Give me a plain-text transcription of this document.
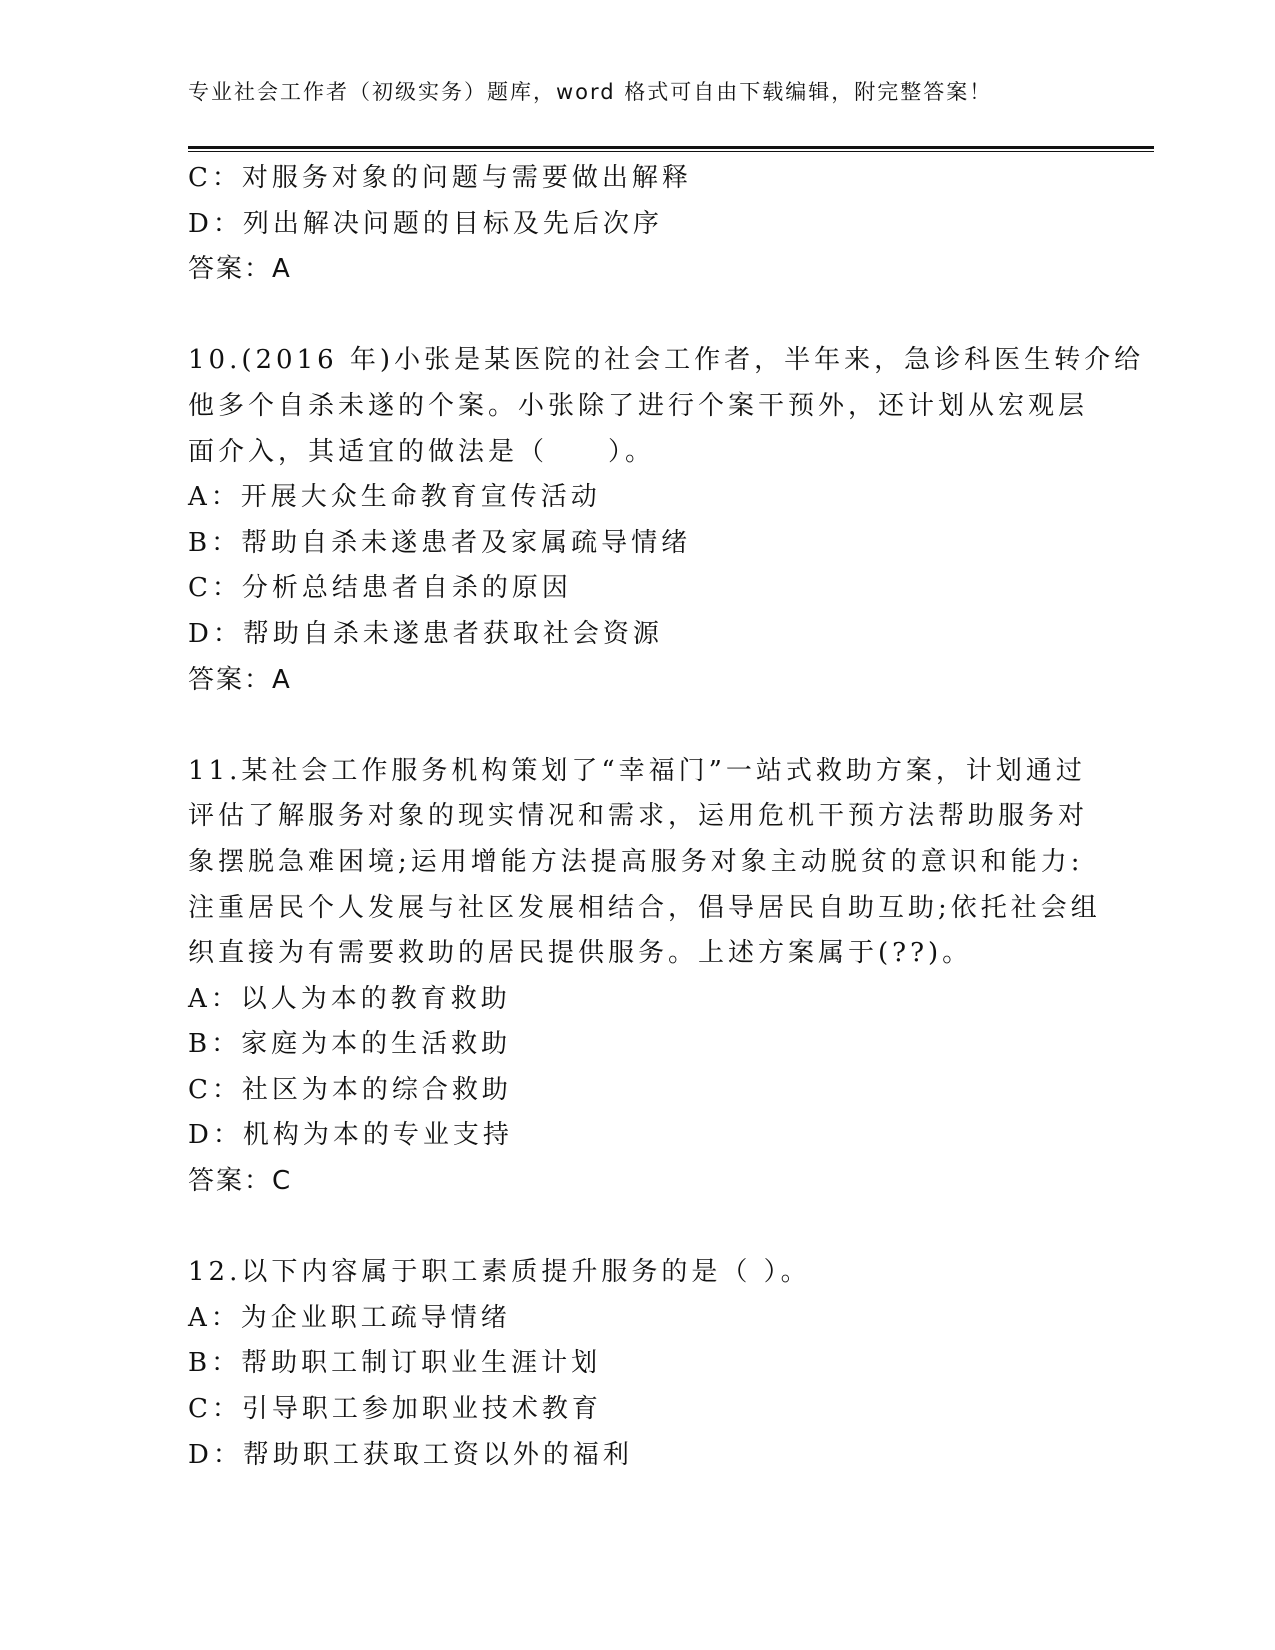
专业社会工作者（初级实务）题库，word 格式可自由下载编辑，附完整答案！
C：对服务对象的问题与需要做出解释
D：列出解决问题的目标及先后次序
答案：A
10.(2016 年)小张是某医院的社会工作者，半年来，急诊科医生转介给
他多个自杀未遂的个案。小张除了进行个案干预外，还计划从宏观层
面介入，其适宜的做法是（　　）。
A：开展大众生命教育宣传活动
B：帮助自杀未遂患者及家属疏导情绪
C：分析总结患者自杀的原因
D：帮助自杀未遂患者获取社会资源
答案：A
11.某社会工作服务机构策划了“幸福门”一站式救助方案，计划通过
评估了解服务对象的现实情况和需求，运用危机干预方法帮助服务对
象摆脱急难困境;运用增能方法提高服务对象主动脱贫的意识和能力:
注重居民个人发展与社区发展相结合，倡导居民自助互助;依托社会组
织直接为有需要救助的居民提供服务。上述方案属于(??)。
A：以人为本的教育救助
B：家庭为本的生活救助
C：社区为本的综合救助
D：机构为本的专业支持
答案：C
12.以下内容属于职工素质提升服务的是（ ）。
A：为企业职工疏导情绪
B：帮助职工制订职业生涯计划
C：引导职工参加职业技术教育
D：帮助职工获取工资以外的福利
